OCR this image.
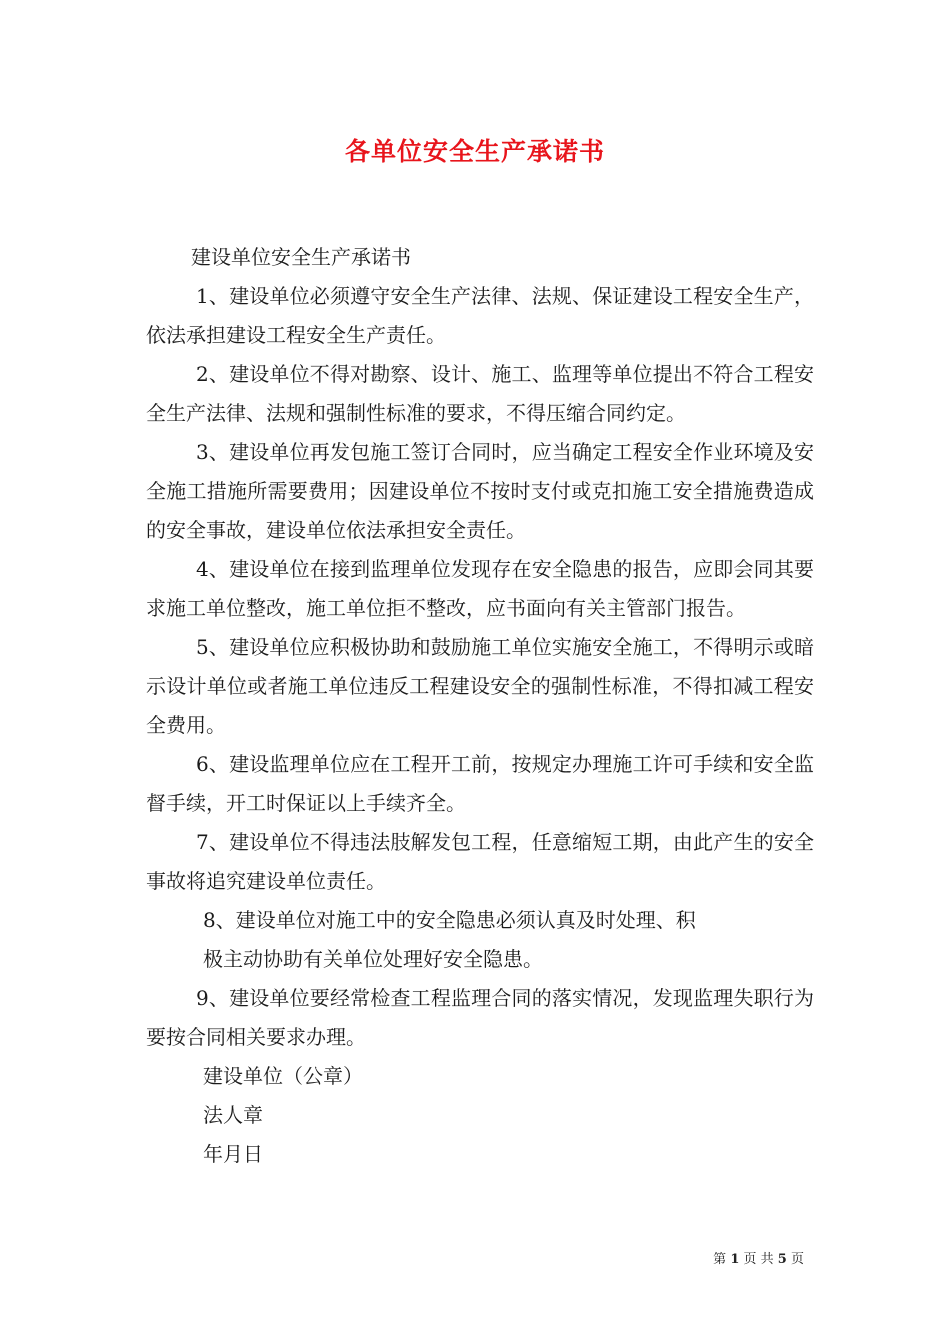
各单位安全生产承诺书

建设单位安全生产承诺书

1、建设单位必须遵守安全生产法律、法规、保证建设工程安全生产，依法承担建设工程安全生产责任。

2、建设单位不得对勘察、设计、施工、监理等单位提出不符合工程安全生产法律、法规和强制性标准的要求，不得压缩合同约定。

3、建设单位再发包施工签订合同时，应当确定工程安全作业环境及安全施工措施所需要费用；因建设单位不按时支付或克扣施工安全措施费造成的安全事故，建设单位依法承担安全责任。

4、建设单位在接到监理单位发现存在安全隐患的报告，应即会同其要求施工单位整改，施工单位拒不整改，应书面向有关主管部门报告。

5、建设单位应积极协助和鼓励施工单位实施安全施工，不得明示或暗示设计单位或者施工单位违反工程建设安全的强制性标准，不得扣减工程安全费用。

6、建设监理单位应在工程开工前，按规定办理施工许可手续和安全监督手续，开工时保证以上手续齐全。

7、建设单位不得违法肢解发包工程，任意缩短工期，由此产生的安全事故将追究建设单位责任。

8、建设单位对施工中的安全隐患必须认真及时处理、积

极主动协助有关单位处理好安全隐患。

9、建设单位要经常检查工程监理合同的落实情况，发现监理失职行为要按合同相关要求办理。

建设单位（公章）

法人章

年月日

第 1 页 共 5 页
